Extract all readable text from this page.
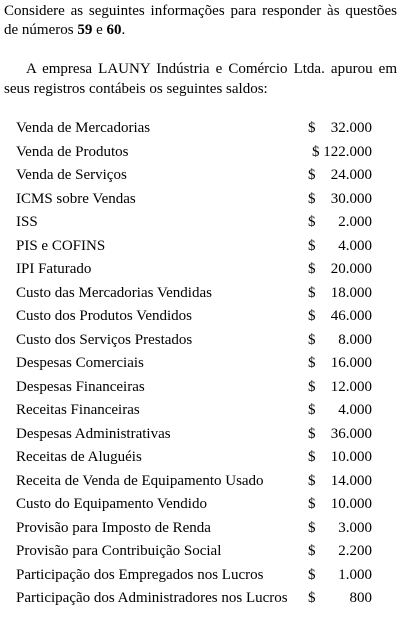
Considere as seguintes informações para responder às questões de números 59 e 60.

A empresa LAUNY Indústria e Comércio Ltda. apurou em seus registros contábeis os seguintes saldos:

Venda de Mercadorias	$ 32.000
Venda de Produtos	$ 122.000
Venda de Serviços	$ 24.000
ICMS sobre Vendas	$ 30.000
ISS	$ 2.000
PIS e COFINS	$ 4.000
IPI Faturado	$ 20.000
Custo das Mercadorias Vendidas	$ 18.000
Custo dos Produtos Vendidos	$ 46.000
Custo dos Serviços Prestados	$ 8.000
Despesas Comerciais	$ 16.000
Despesas Financeiras	$ 12.000
Receitas Financeiras	$ 4.000
Despesas Administrativas	$ 36.000
Receitas de Aluguéis	$ 10.000
Receita de Venda de Equipamento Usado	$ 14.000
Custo do Equipamento Vendido	$ 10.000
Provisão para Imposto de Renda	$ 3.000
Provisão para Contribuição Social	$ 2.200
Participação dos Empregados nos Lucros	$ 1.000
Participação dos Administradores nos Lucros $ 800
